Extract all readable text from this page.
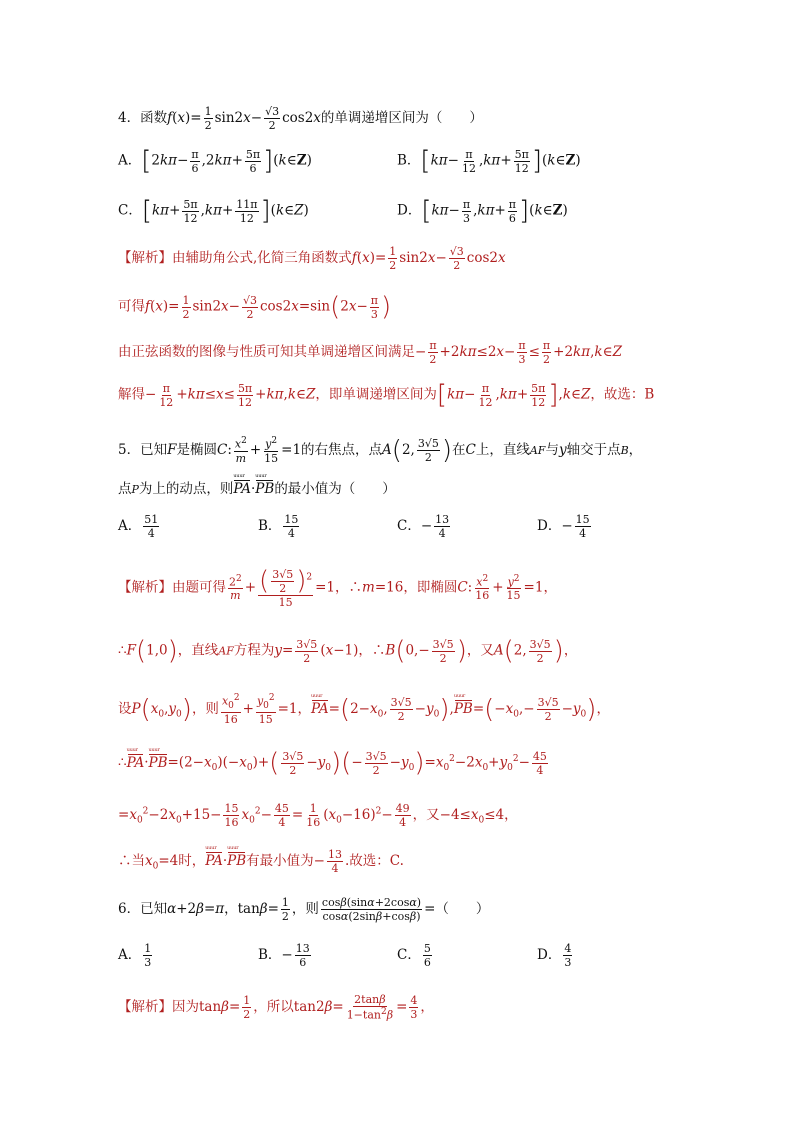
4．函数$f(x)= \frac{1}{2} \sin 2x- \frac{√3}{2} \cos 2x$的单调递增区间为（　　）
A．[$2k\pi- \frac{\pi}{6} ,2k\pi+ \frac{5\pi}{6}$ ](k∈Z)	B．[$k\pi- \frac{\pi}{12} ,k\pi+ \frac{5\pi}{12}$ ](k∈Z)
C．[$k\pi+ \frac{5\pi}{12} ,k\pi+ \frac{11\pi}{12}$ ](k∈Z)	D．[$k\pi- \frac{\pi}{3} ,k\pi+ \frac{\pi}{6}$ ](k∈Z)
【解析】由辅助角公式,化简三角函数式$f(x)= \frac{1}{2} \sin 2x- \frac{√3}{2} \cos 2x$
可得$f(x)= \frac{1}{2} \sin 2x- \frac{√3}{2} \cos 2x=\sin(2x- \frac{\pi}{3}$ )
由正弦函数的图像与性质可知其单调递增区间满足− $\frac{\pi}{2} +2k\pi\le 2x- \frac{\pi}{3} \le \frac{\pi}{2}$ +2kπ,k∈Z
解得− $\frac{\pi}{12} +k\pi\le x\le \frac{5\pi}{12}$ +kπ,k∈Z，即单调递增区间为[$k\pi- \frac{\pi}{12} ,k\pi+ \frac{5\pi}{12}$ ],k∈Z，故选：B
5．已知F是椭圆C: $\frac{x^2}{m} + \frac{y^2}{15} =1$的右焦点，点A(2, $\frac{3√5}{2}$ )在C上，直线AF与y轴交于点B，
点P为上的动点，则PA uuur·PB uuur的最小值为（　　）
A． $\frac{51}{4}$	B． $\frac{15}{4}$	C．− $\frac{13}{4}$	D．− $\frac{15}{4}$
【解析】由题可得 $\frac{2^2}{m} + \frac{( \frac{3√5}{2} )^2}{15} =1$，∴m=16，即椭圆C: $\frac{x^2}{16} + \frac{y^2}{15} =1$，
∴F(1,0)，直线AF方程为$y= \frac{3√5}{2} (x-1)$，∴B(0,− $\frac{3√5}{2}$ )，又A(2, $\frac{3√5}{2}$ )，
设$P(x_0,y_0)$，则 $\frac{x_0^2}{16} + \frac{y_0^2}{15} =1$，PA $uuur=(2-x_0$, $\frac{3√5}{2} -y_0),PB$ $uuur=(-x_0,- \frac{3√5}{2} -y_0)$，
∴PA uuur·PB $uuur=(2-x_0)(-x_0)+( \frac{3√5}{2} -y_0)(- \frac{3√5}{2} -y_0)=x_0^2-2x_0+y_0^2- \frac{45}{4}$
$=x_0^2-2x_0+15- \frac{15}{16} x_0^2- \frac{45}{4} = \frac{1}{16} (x_0-16)^2- \frac{49}{4}$ ，又$-4\le x_0\le 4$，
∴当$x_0=4$时，PA uuur·PB uuur有最小值为− $\frac{13}{4}$ .故选：C.
6．已知α+2β=π，$\tan\beta= \frac{1}{2}$ ，则 $\frac{\cos\beta(\sin\alpha+2\cos\alpha)}{\cos\alpha(2\sin\beta+\cos\beta)}$ =（　　）
A． $\frac{1}{3}$	B．− $\frac{13}{6}$	C． $\frac{5}{6}$	D． $\frac{4}{3}$
【解析】因为$\tan\beta= \frac{1}{2}$ ，所以$\tan 2\beta= \frac{2\tan\beta}{1-\tan^2\beta} = \frac{4}{3}$ ，
